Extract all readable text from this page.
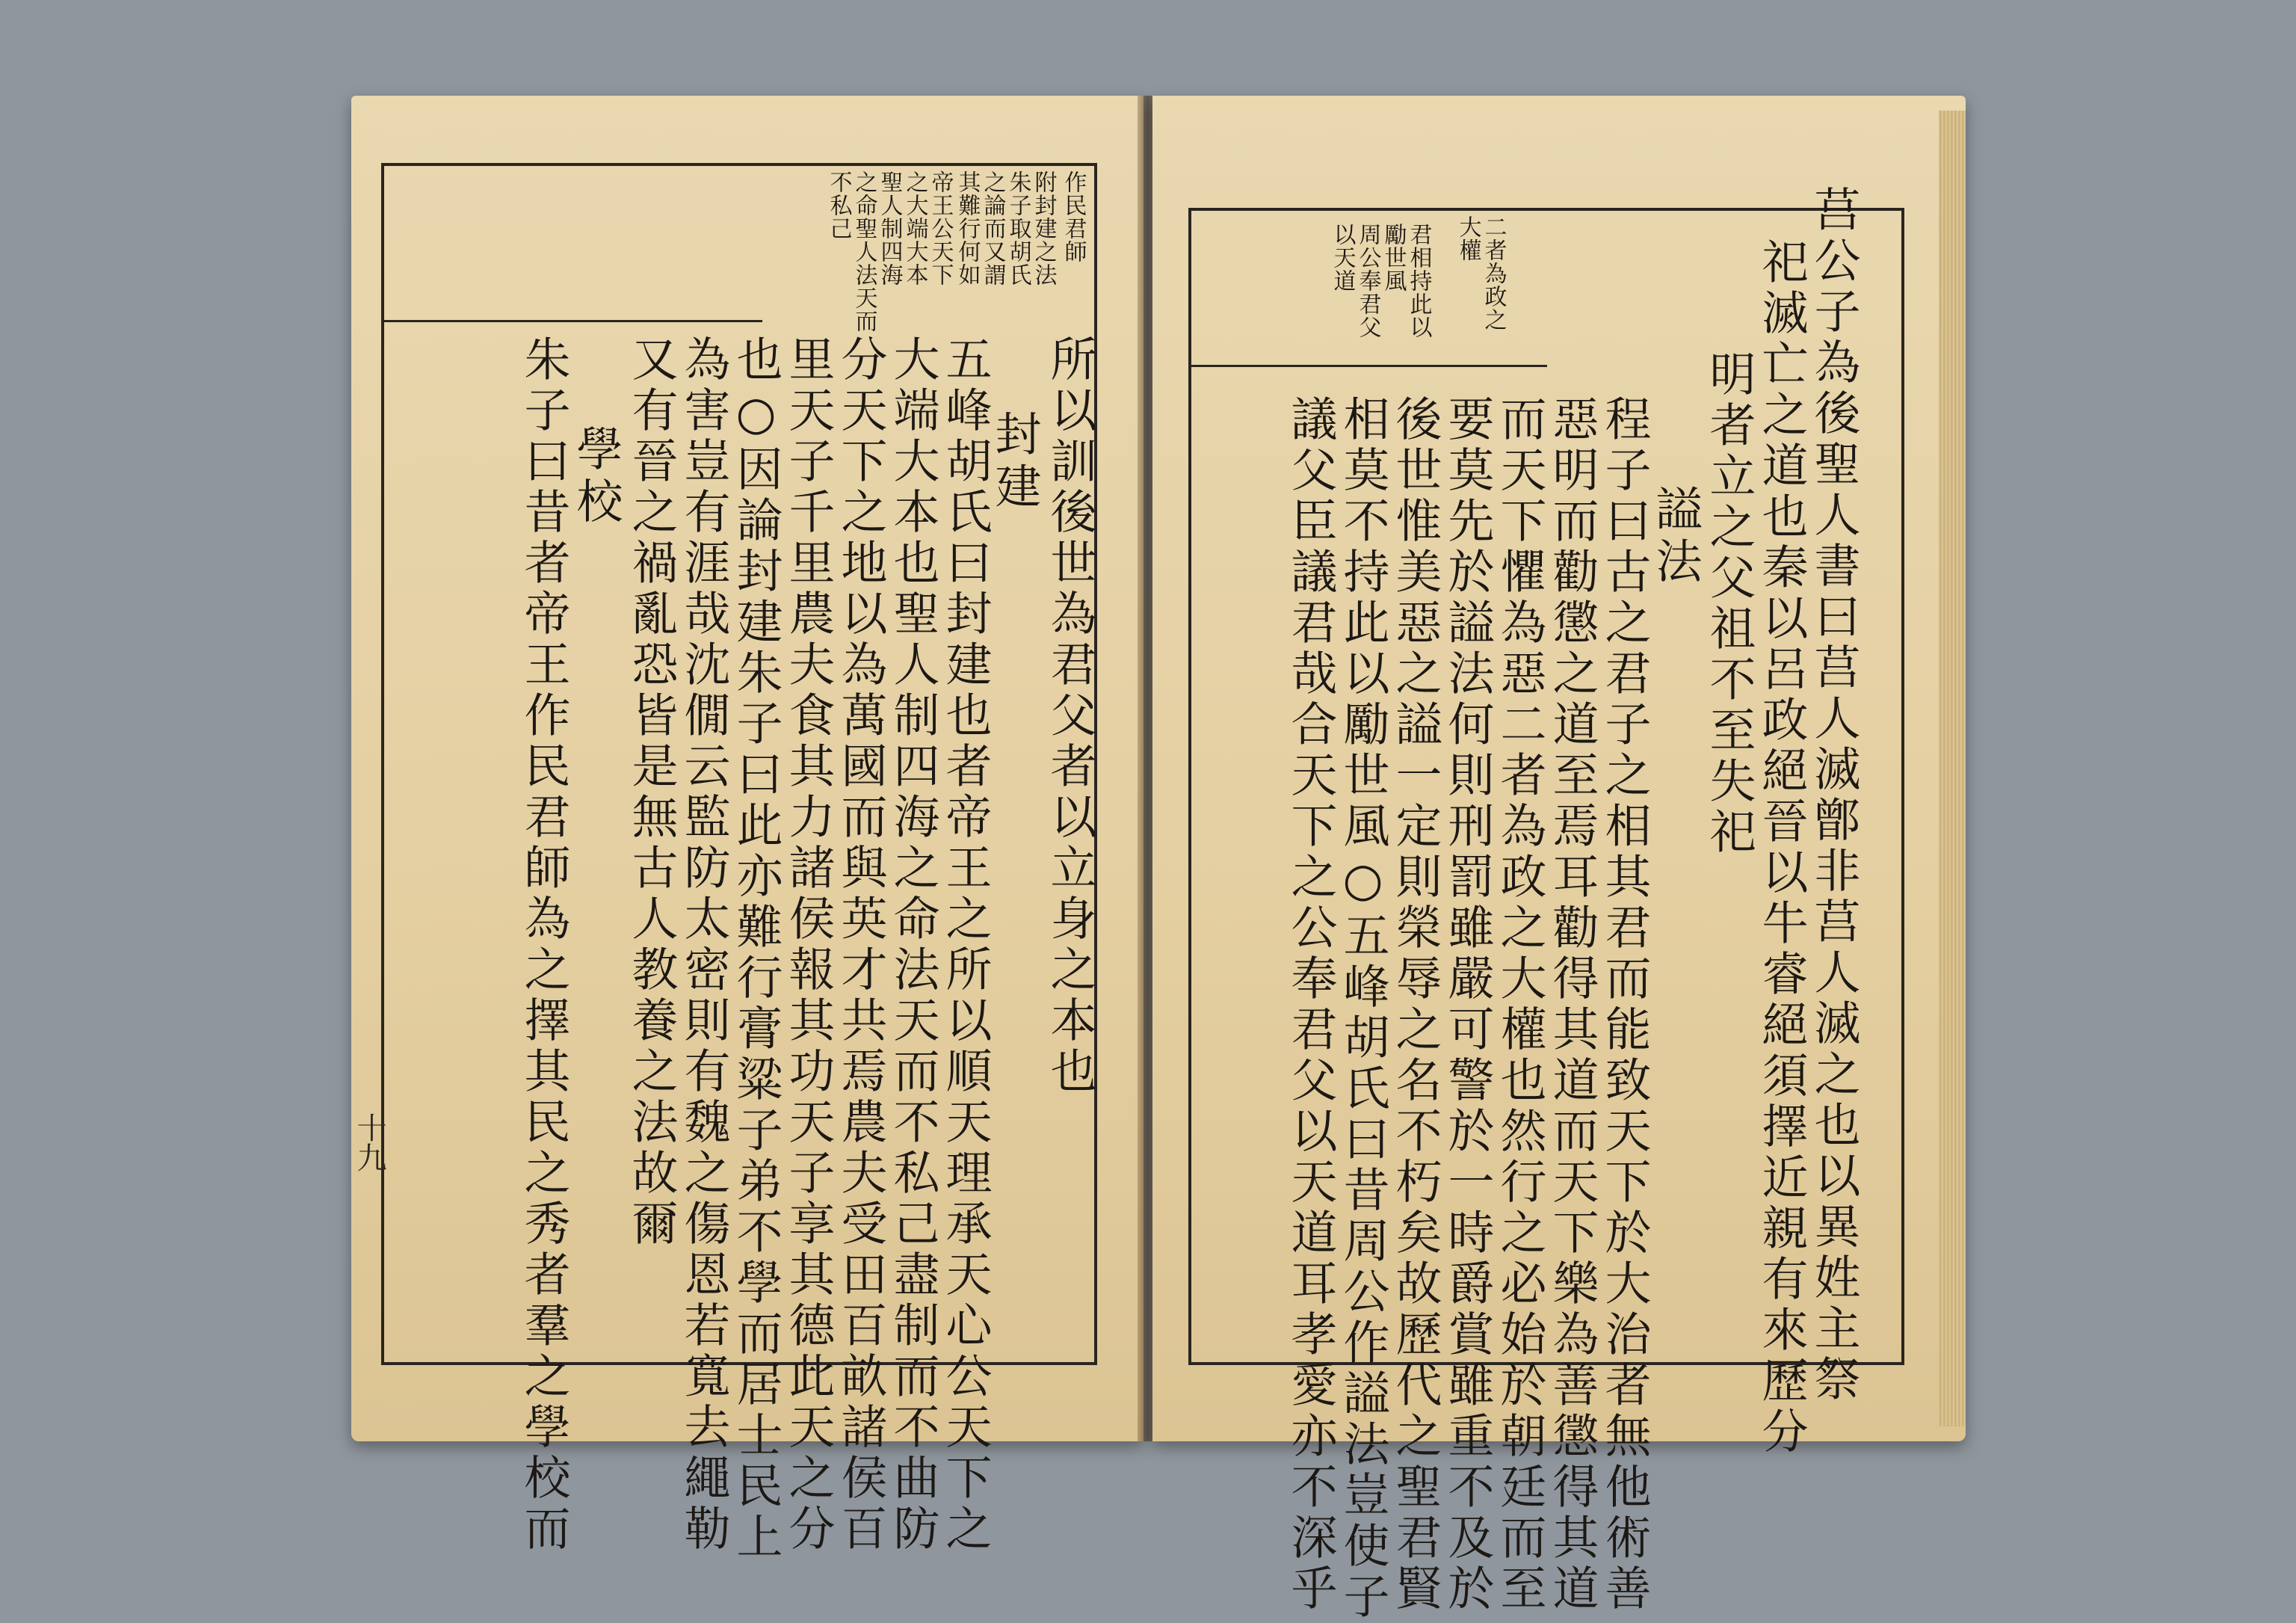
作民君師
附封建之法
朱子取胡氏
之論而又謂
其難行何如
帝王公天下
之大端大本
聖人制四海
之命聖人法天而
不私己
所以訓後世為君父者以立身之本也
封建
五峰胡氏曰封建也者帝王之所以順天理承天心公天下之
大端大本也聖人制四海之命法天而不私己盡制而不曲防
分天下之地以為萬國而與英才共焉農夫受田百畝諸侯百
里天子千里農夫食其力諸侯報其功天子享其德此天之分
也○因論封建朱子曰此亦難行膏粱子弟不學而居士民上
為害豈有涯哉沈僩云監防太密則有魏之傷恩若寬去繩勒
又有晉之禍亂恐皆是無古人教養之法故爾
學校
朱子曰昔者帝王作民君師為之擇其民之秀者羣之學校而
十九
二者為政之
大權
君相持此以
勵世風
周公奉君父
以天道	莒公子為後聖人書曰莒人滅鄫非莒人滅之也以異姓主祭
祀滅亡之道也秦以呂政絕晉以牛睿絕須擇近親有來歷分
明者立之父祖不至失祀
謚法
程子曰古之君子之相其君而能致天下於大治者無他術善
惡明而勸懲之道至焉耳勸得其道而天下樂為善懲得其道
而天下懼為惡二者為政之大權也然行之必始於朝廷而至
要莫先於謚法何則刑罰雖嚴可警於一時爵賞雖重不及於
後世惟美惡之謚一定則榮辱之名不朽矣故歷代之聖君賢
相莫不持此以勵世風○五峰胡氏曰昔周公作謚法豈使子
議父臣議君哉合天下之公奉君父以天道耳孝愛亦不深乎
